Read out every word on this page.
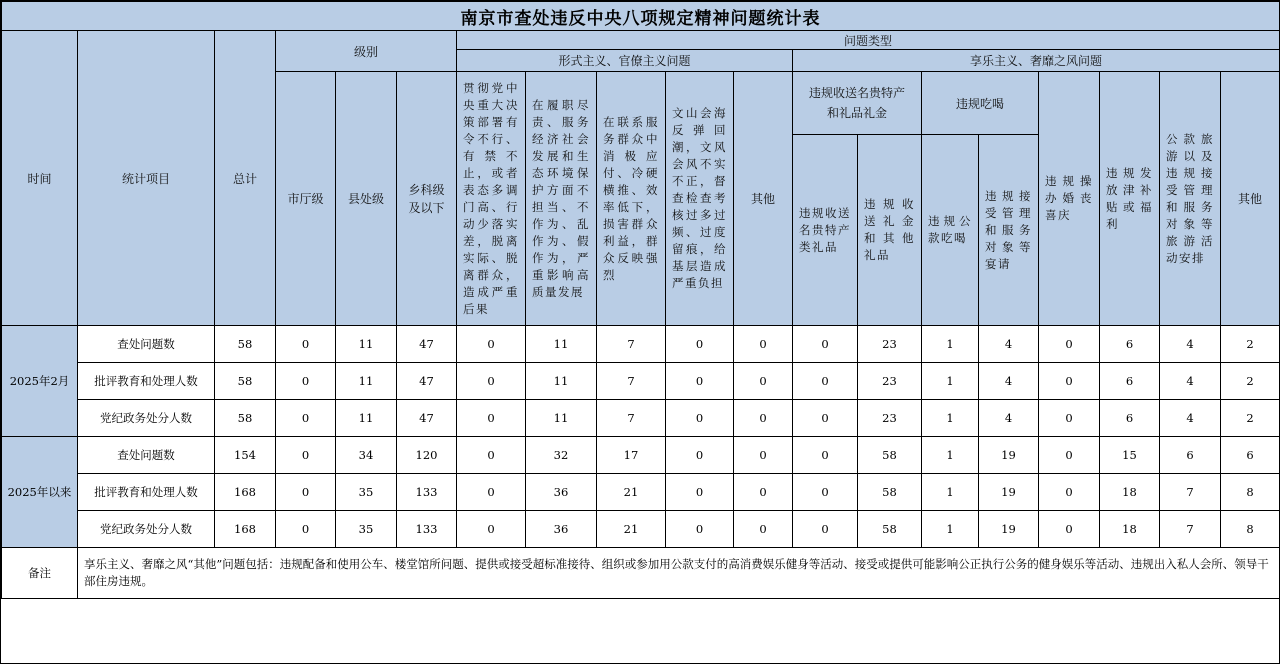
南京市查处违反中央八项规定精神问题统计表																		
时间	统计项目	总计	级别			问题类型												
						形式主义、官僚主义问题					享乐主义、奢靡之风问题							
			市厅级	县处级	乡科级及以下	贯彻党中央重大决策部署有令不行、有禁不止，或者表态多调门高、行动少落实差，脱离实际、脱离群众，造成严重后果	在履职尽责、服务经济社会发展和生态环境保护方面不担当、不作为、乱作为、假作为，严重影响高质量发展	在联系服务群众中消极应付、冷硬横推、效率低下，损害群众利益，群众反映强烈	文山会海反弹回潮，文风会风不实不正，督查检查考核过多过频、过度留痕，给基层造成严重负担	其他	违规收送名贵特产和礼品礼金		违规吃喝		违规操办婚丧喜庆	违规发放津补贴或福利	公款旅游以及违规接受管理和服务对象等旅游活动安排	其他

											违规收送名贵特产类礼品	违规收送礼金和其他礼品	违规公款吃喝	违规接受管理和服务对象等宴请				

2025年2月	查处问题数	58	0	11	47	0	11	7	0	0	0	23	1	4	0	6	4	2
	批评教育和处理人数	58	0	11	47	0	11	7	0	0	0	23	1	4	0	6	4	2
	党纪政务处分人数	58	0	11	47	0	11	7	0	0	0	23	1	4	0	6	4	2
2025年以来	查处问题数	154	0	34	120	0	32	17	0	0	0	58	1	19	0	15	6	6
	批评教育和处理人数	168	0	35	133	0	36	21	0	0	0	58	1	19	0	18	7	8
	党纪政务处分人数	168	0	35	133	0	36	21	0	0	0	58	1	19	0	18	7	8
备注	享乐主义、奢靡之风“其他”问题包括：违规配备和使用公车、楼堂馆所问题、提供或接受超标准接待、组织或参加用公款支付的高消费娱乐健身等活动、接受或提供可能影响公正执行公务的健身娱乐等活动、违规出入私人会所、领导干部住房违规。																	
